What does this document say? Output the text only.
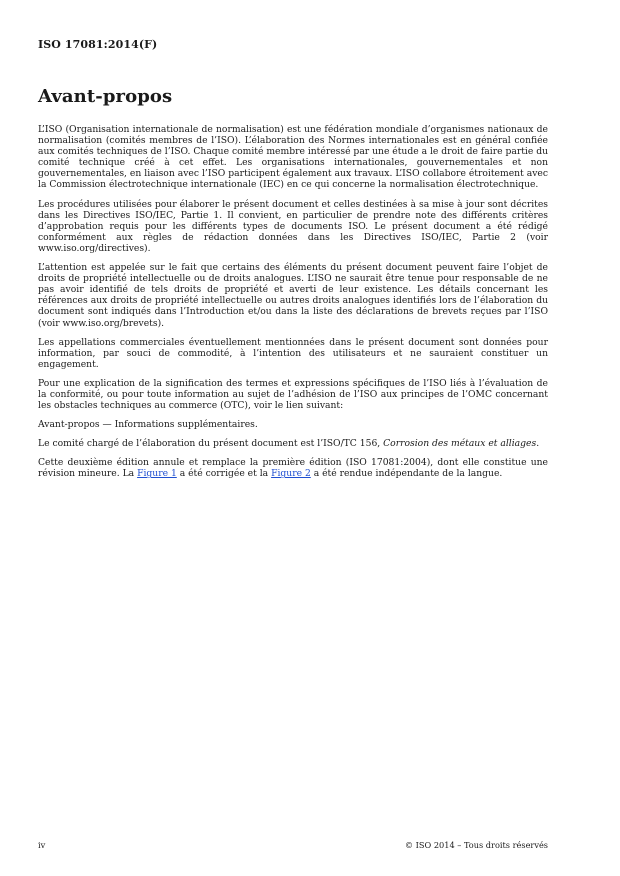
ISO 17081:2014(F)
Avant-propos

L’ISO (Organisation internationale de normalisation) est une fédération mondiale d’organismes nationaux de normalisation (comités membres de l’ISO). L’élaboration des Normes internationales est en général confiée aux comités techniques de l’ISO. Chaque comité membre intéressé par une étude a le droit de faire partie du comité technique créé à cet effet. Les organisations internationales, gouvernementales et non gouvernementales, en liaison avec l’ISO participent également aux travaux. L’ISO collabore étroitement avec la Commission électrotechnique internationale (IEC) en ce qui concerne la normalisation électrotechnique.

Les procédures utilisées pour élaborer le présent document et celles destinées à sa mise à jour sont décrites dans les Directives ISO/IEC, Partie 1. Il convient, en particulier de prendre note des différents critères d’approbation requis pour les différents types de documents ISO. Le présent document a été rédigé conformément aux règles de rédaction données dans les Directives ISO/IEC, Partie 2 (voir www.iso.org/directives).

L’attention est appelée sur le fait que certains des éléments du présent document peuvent faire l’objet de droits de propriété intellectuelle ou de droits analogues. L’ISO ne saurait être tenue pour responsable de ne pas avoir identifié de tels droits de propriété et averti de leur existence. Les détails concernant les références aux droits de propriété intellectuelle ou autres droits analogues identifiés lors de l’élaboration du document sont indiqués dans l’Introduction et/ou dans la liste des déclarations de brevets reçues par l’ISO (voir www.iso.org/brevets).

Les appellations commerciales éventuellement mentionnées dans le présent document sont données pour information, par souci de commodité, à l’intention des utilisateurs et ne sauraient constituer un engagement.

Pour une explication de la signification des termes et expressions spécifiques de l’ISO liés à l’évaluation de la conformité, ou pour toute information au sujet de l’adhésion de l’ISO aux principes de l’OMC concernant les obstacles techniques au commerce (OTC), voir le lien suivant:

Avant-propos — Informations supplémentaires.

Le comité chargé de l’élaboration du présent document est l’ISO/TC 156, Corrosion des métaux et alliages.

Cette deuxième édition annule et remplace la première édition (ISO 17081:2004), dont elle constitue une révision mineure. La Figure 1 a été corrigée et la Figure 2 a été rendue indépendante de la langue.

iv	© ISO 2014 – Tous droits réservés
